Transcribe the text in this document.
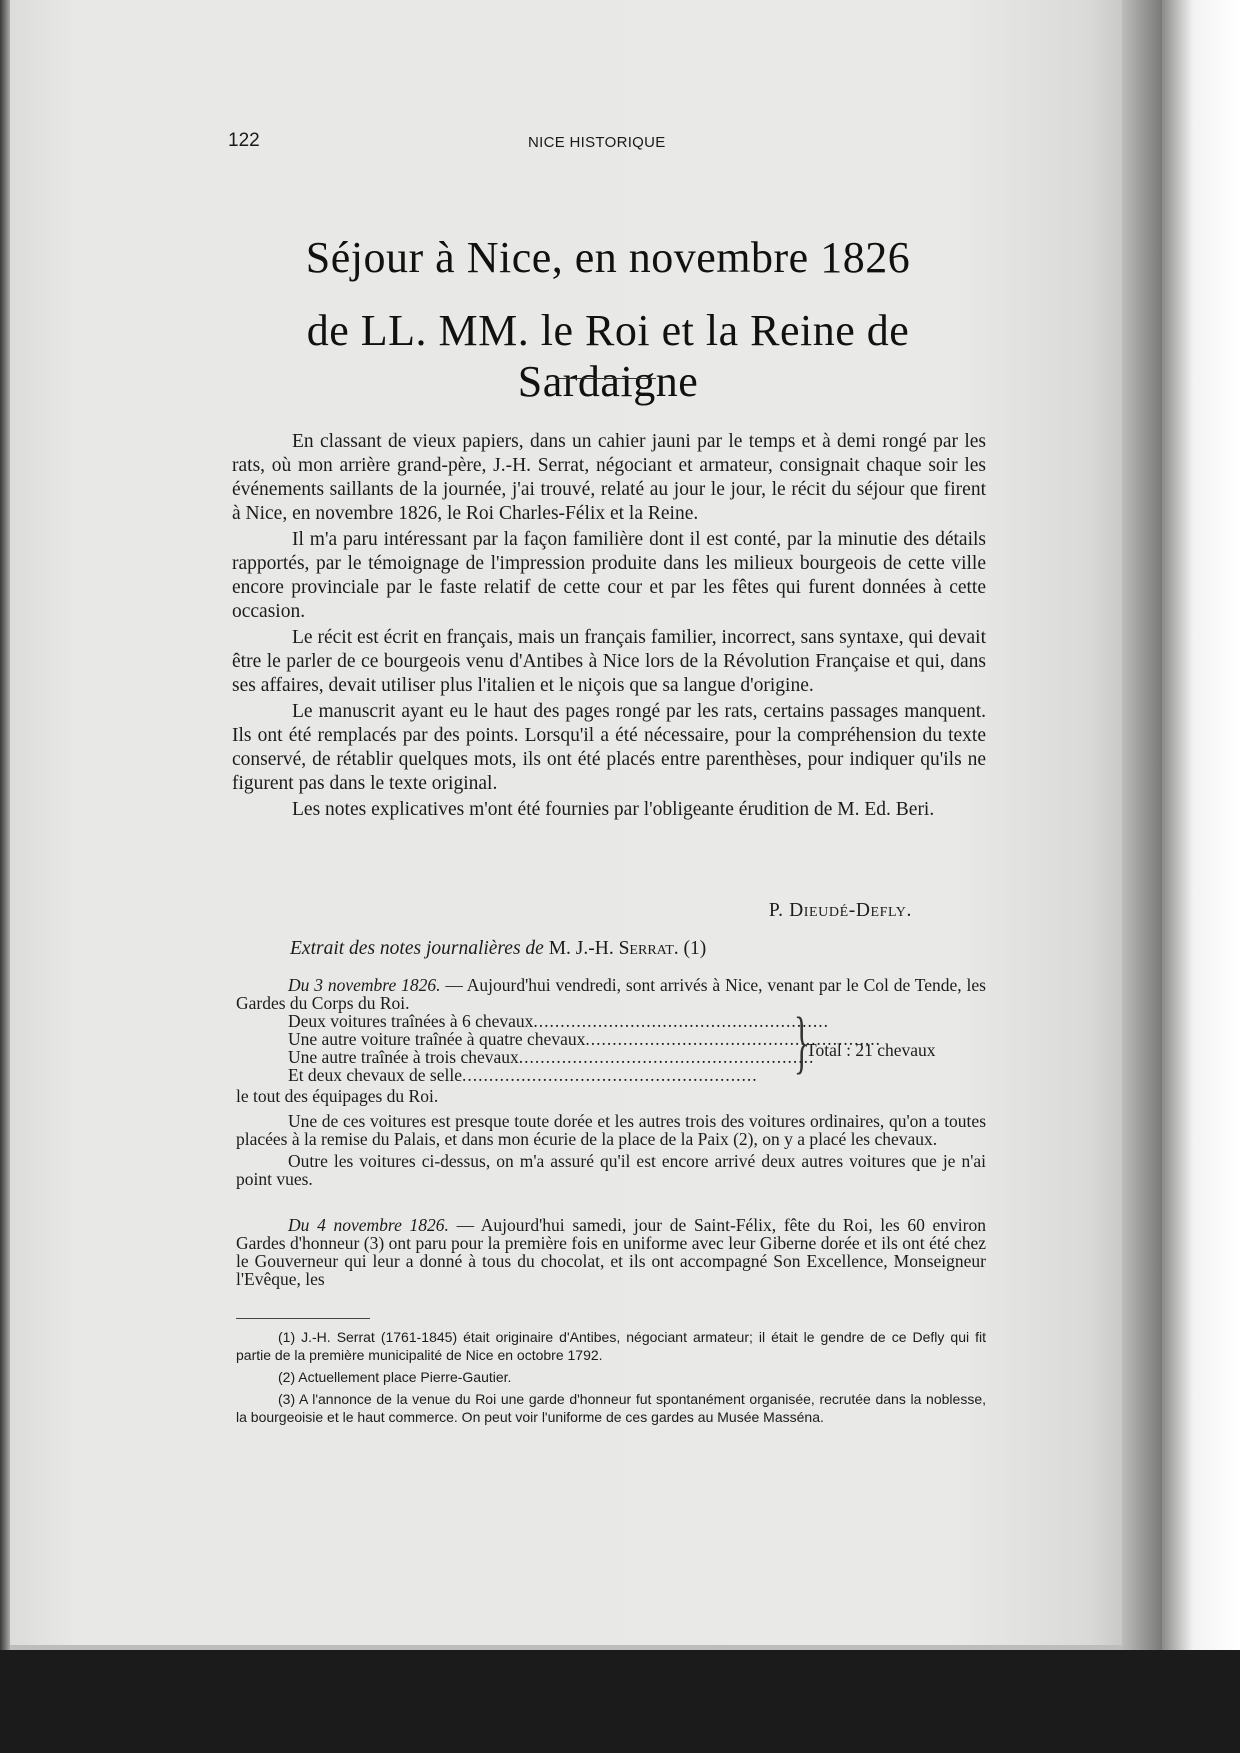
122	NICE HISTORIQUE
Séjour à Nice, en novembre 1826
de LL. MM. le Roi et la Reine de Sardaigne

En classant de vieux papiers, dans un cahier jauni par le temps et à demi rongé par les rats, où mon arrière grand-père, J.-H. Serrat, négociant et armateur, consignait chaque soir les événements saillants de la journée, j'ai trouvé, relaté au jour le jour, le récit du séjour que firent à Nice, en novembre 1826, le Roi Charles-Félix et la Reine.

Il m'a paru intéressant par la façon familière dont il est conté, par la minutie des détails rapportés, par le témoignage de l'impression produite dans les milieux bourgeois de cette ville encore provinciale par le faste relatif de cette cour et par les fêtes qui furent données à cette occasion.

Le récit est écrit en français, mais un français familier, incorrect, sans syntaxe, qui devait être le parler de ce bourgeois venu d'Antibes à Nice lors de la Révolution Française et qui, dans ses affaires, devait utiliser plus l'italien et le niçois que sa langue d'origine.

Le manuscrit ayant eu le haut des pages rongé par les rats, certains passages manquent. Ils ont été remplacés par des points. Lorsqu'il a été nécessaire, pour la compréhension du texte conservé, de rétablir quelques mots, ils ont été placés entre parenthèses, pour indiquer qu'ils ne figurent pas dans le texte original.

Les notes explicatives m'ont été fournies par l'obligeante érudition de M. Ed. Beri.

P. Dieudé-Defly.
Extrait des notes journalières de M. J.-H. Serrat. (1)

Du 3 novembre 1826. — Aujourd'hui vendredi, sont arrivés à Nice, venant par le Col de Tende, les Gardes du Corps du Roi.

Deux voitures traînées à 6 chevaux.......................................................
Une autre voiture traînée à quatre chevaux.......................................................
Une autre traînée à trois chevaux.......................................................
Et deux chevaux de selle....................................................... }
Total : 21 chevaux
le tout des équipages du Roi.

Une de ces voitures est presque toute dorée et les autres trois des voitures ordinaires, qu'on a toutes placées à la remise du Palais, et dans mon écurie de la place de la Paix (2), on y a placé les chevaux.

Outre les voitures ci-dessus, on m'a assuré qu'il est encore arrivé deux autres voitures que je n'ai point vues.

Du 4 novembre 1826. — Aujourd'hui samedi, jour de Saint-Félix, fête du Roi, les 60 environ Gardes d'honneur (3) ont paru pour la première fois en uniforme avec leur Giberne dorée et ils ont été chez le Gouverneur qui leur a donné à tous du chocolat, et ils ont accompagné Son Excellence, Monseigneur l'Evêque, les

(1) J.-H. Serrat (1761-1845) était originaire d'Antibes, négociant armateur; il était le gendre de ce Defly qui fit partie de la première municipalité de Nice en octobre 1792.

(2) Actuellement place Pierre-Gautier.

(3) A l'annonce de la venue du Roi une garde d'honneur fut spontanément organisée, recrutée dans la noblesse, la bourgeoisie et le haut commerce. On peut voir l'uniforme de ces gardes au Musée Masséna.
